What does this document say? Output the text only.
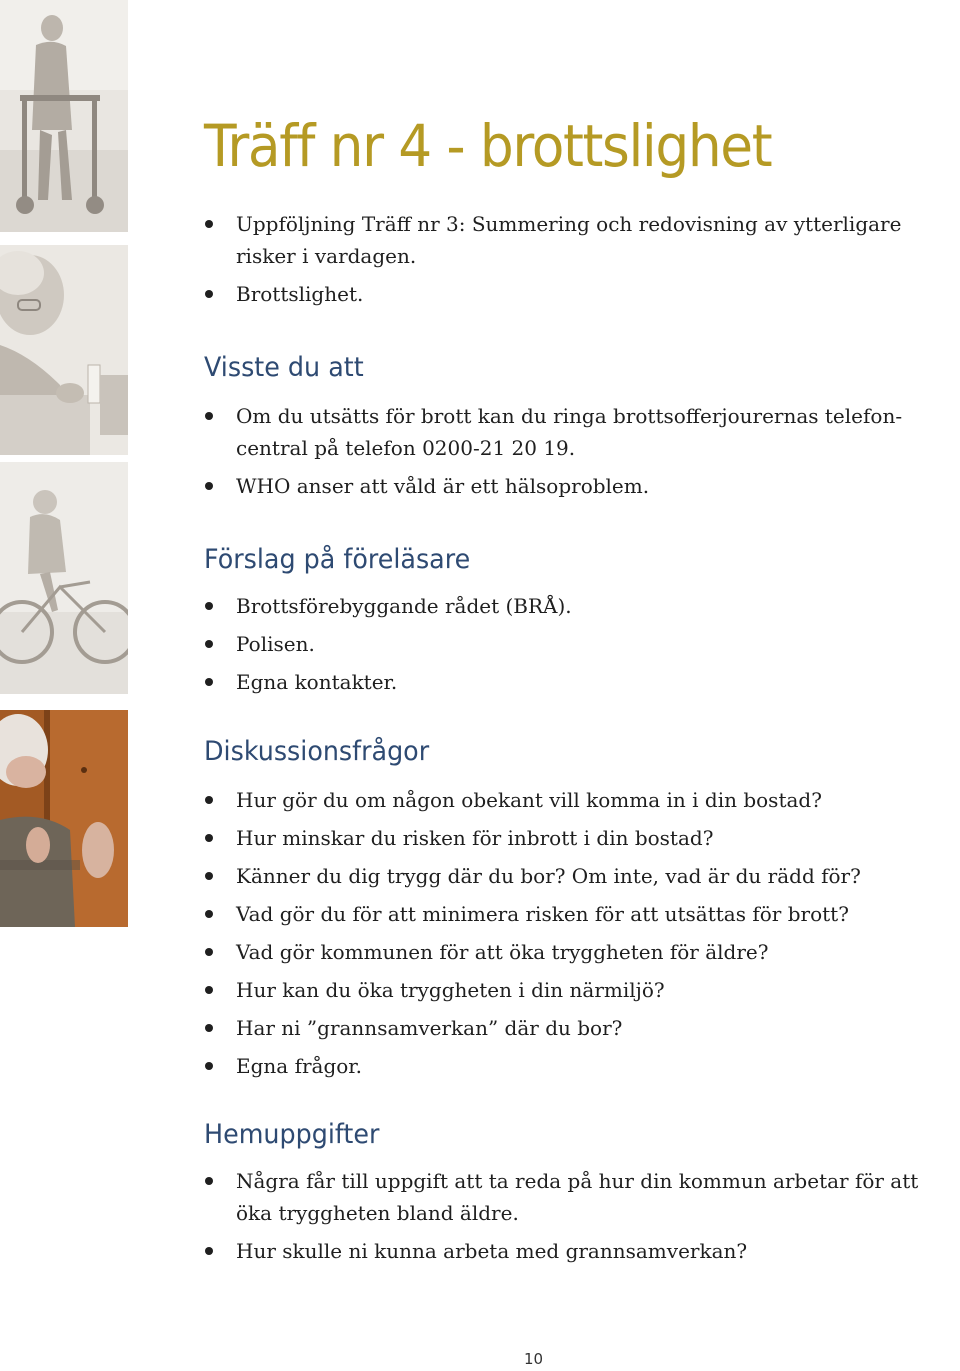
Träff nr 4 - brottslighet
Uppföljning Träff nr 3: Summering och redovisning av ytterligare risker i vardagen.
Brottslighet.
Visste du att
Om du utsätts för brott kan du ringa brottsofferjourernas telefon-central på telefon 0200-21 20 19.
WHO anser att våld är ett hälsoproblem.
Förslag på föreläsare
Brottsförebyggande rådet (BRÅ).
Polisen.
Egna kontakter.
Diskussionsfrågor
Hur gör du om någon obekant vill komma in i din bostad?
Hur minskar du risken för inbrott i din bostad?
Känner du dig trygg där du bor? Om inte, vad är du rädd för?
Vad gör du för att minimera risken för att utsättas för brott?
Vad gör kommunen för att öka tryggheten för äldre?
Hur kan du öka tryggheten i din närmiljö?
Har ni ”grannsamverkan” där du bor?
Egna frågor.
Hemuppgifter
Några får till uppgift att ta reda på hur din kommun arbetar för att öka tryggheten bland äldre.
Hur skulle ni kunna arbeta med grannsamverkan?
10
